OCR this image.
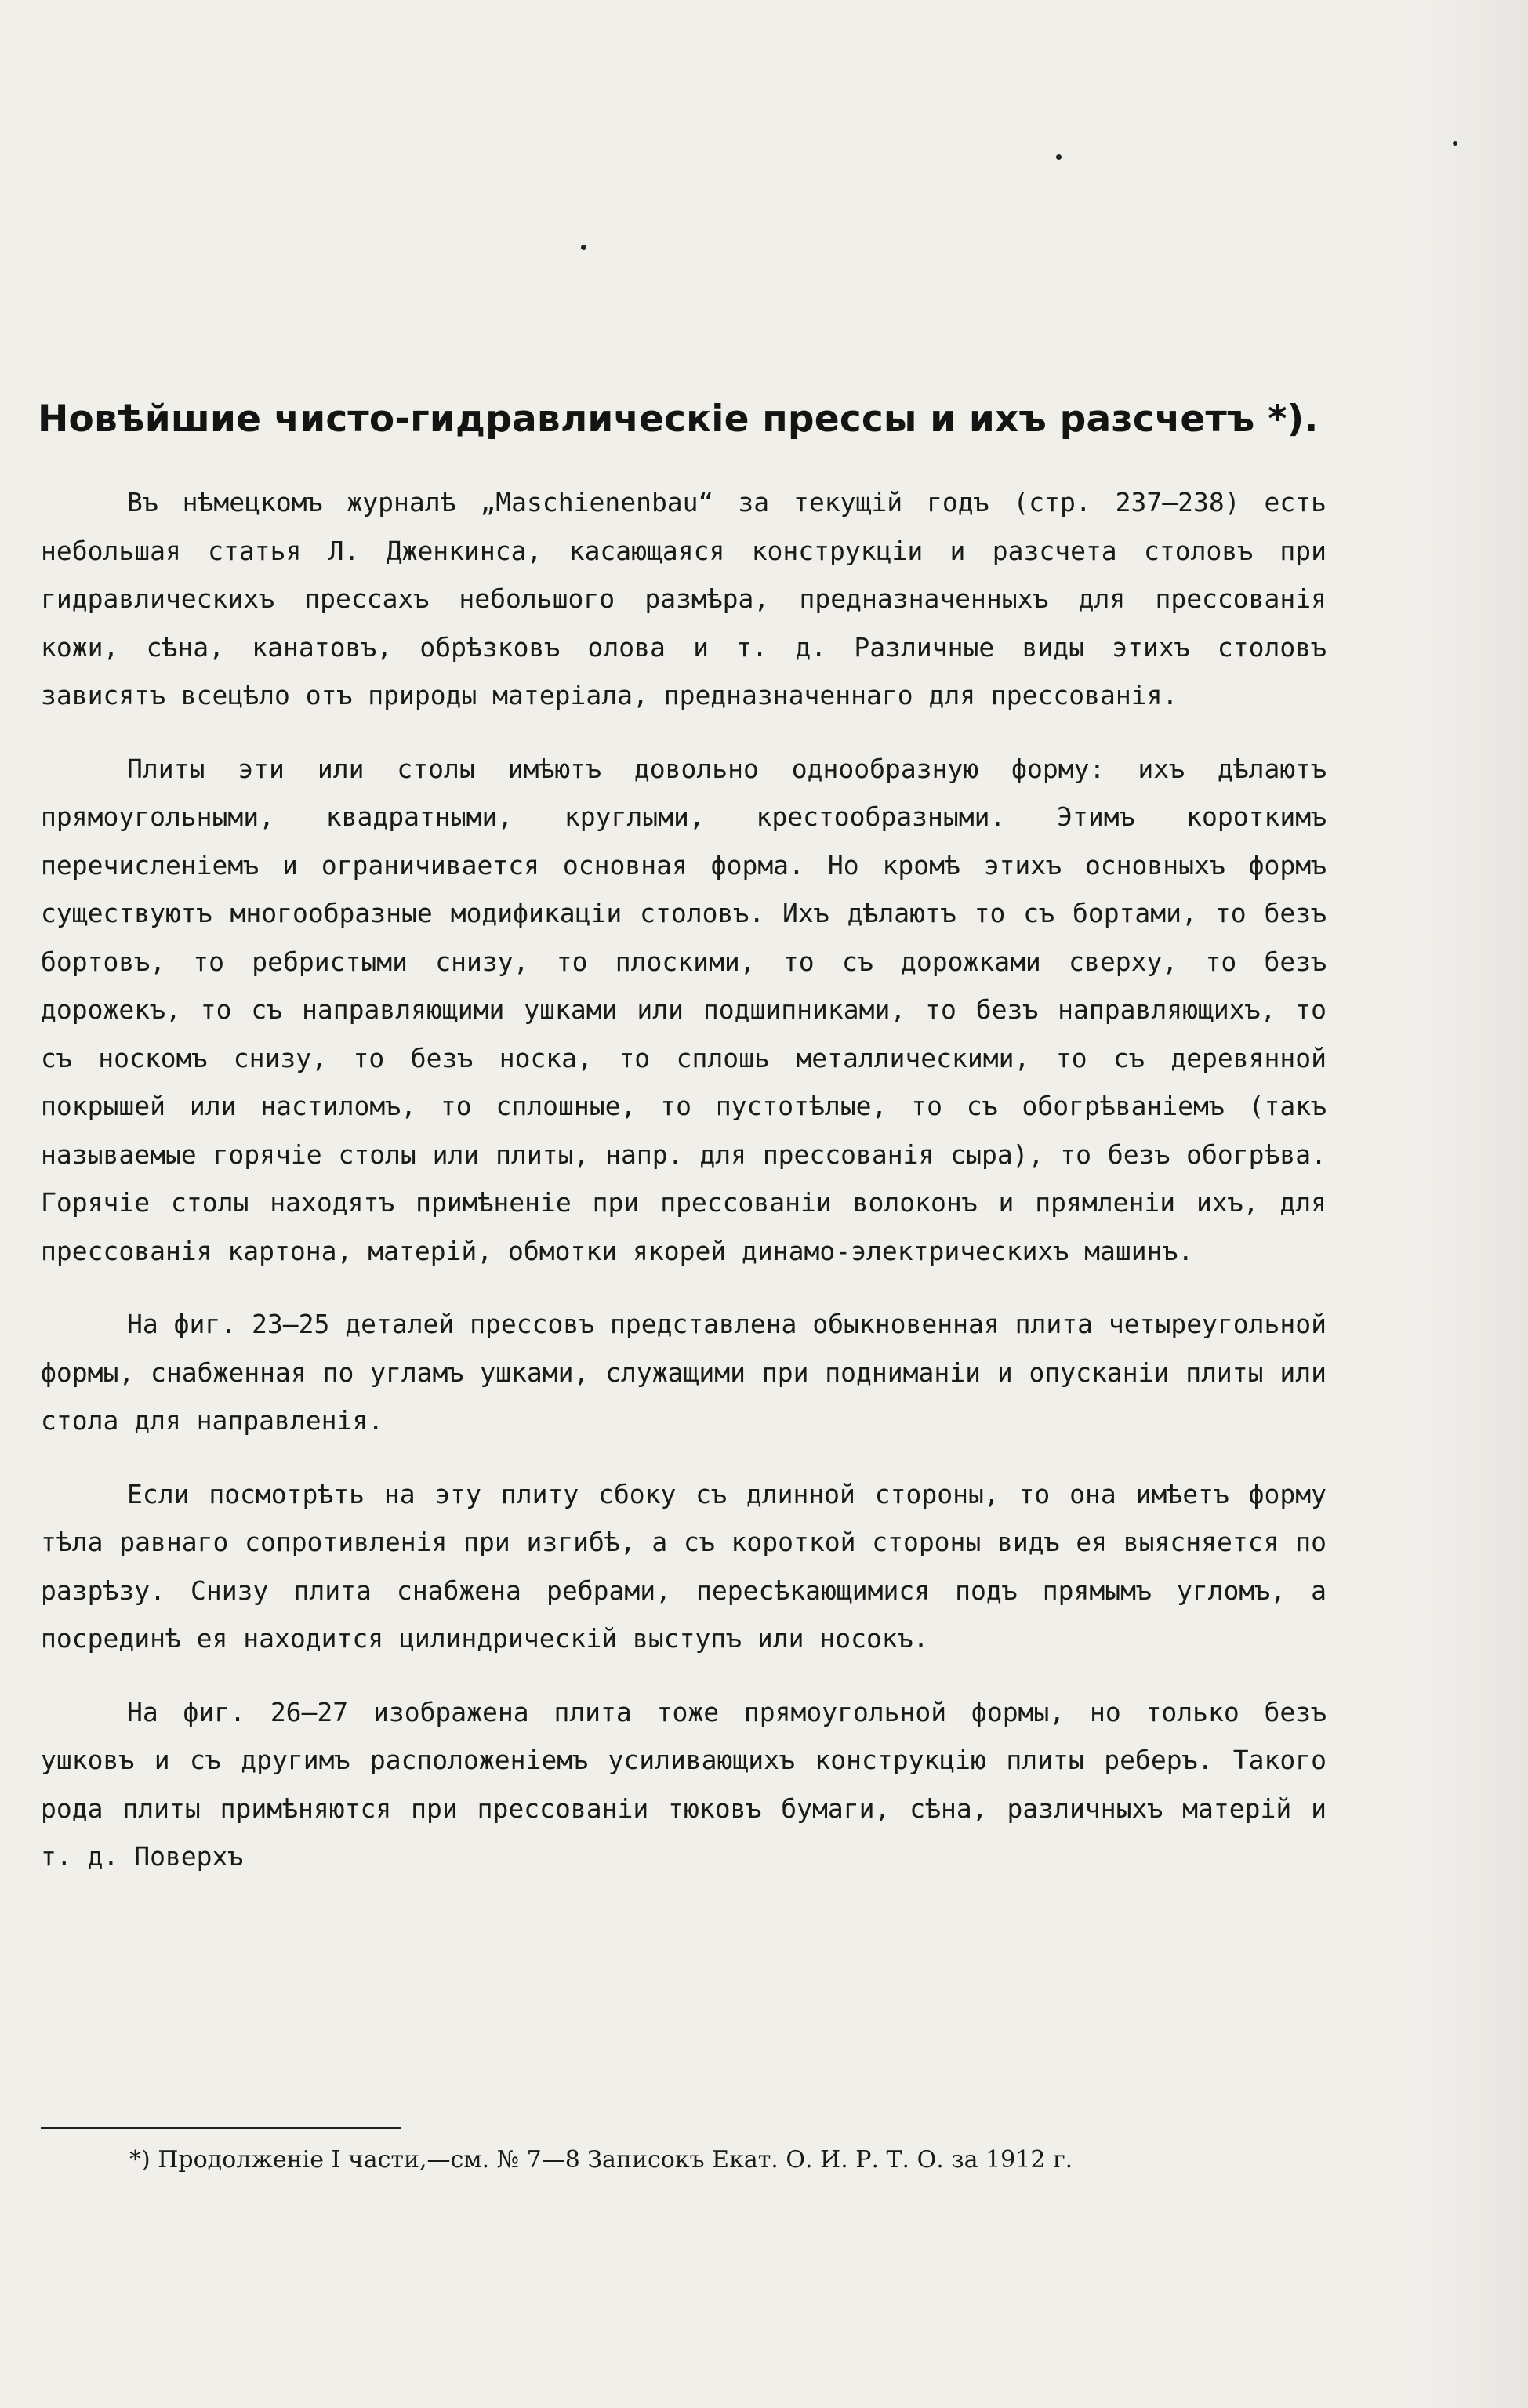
Новѣйшие чисто-гидравлическіе прессы и ихъ разсчетъ *).

Въ нѣмецкомъ журналѣ „Maschienenbau“ за текущій годъ (стр. 237—238) есть небольшая статья Л. Дженкинса, касающаяся конструкціи и разсчета столовъ при гидравлическихъ прессахъ небольшого размѣра, предназначенныхъ для прессованія кожи, сѣна, канатовъ, обрѣзковъ олова и т. д. Различные виды этихъ столовъ зависятъ всецѣло отъ природы матеріала, предназначеннаго для прессованія.

Плиты эти или столы имѣютъ довольно однообразную форму: ихъ дѣлаютъ прямоугольными, квадратными, круглыми, крестообразными. Этимъ короткимъ перечисленіемъ и ограничивается основная форма. Но кромѣ этихъ основныхъ формъ существуютъ многообразные модификаціи столовъ. Ихъ дѣлаютъ то съ бортами, то безъ бортовъ, то ребристыми снизу, то плоскими, то съ дорожками сверху, то безъ дорожекъ, то съ направляющими ушками или подшипниками, то безъ направляющихъ, то съ носкомъ снизу, то безъ носка, то сплошь металлическими, то съ деревянной покрышей или настиломъ, то сплошные, то пустотѣлые, то съ обогрѣваніемъ (такъ называемые горячіе столы или плиты, напр. для прессованія сыра), то безъ обогрѣва. Горячіе столы находятъ примѣненіе при прессованіи волоконъ и прямленіи ихъ, для прессованія картона, матерій, обмотки якорей динамо-электрическихъ машинъ.

На фиг. 23—25 деталей прессовъ представлена обыкновенная плита четыреугольной формы, снабженная по угламъ ушками, служащими при подниманіи и опусканіи плиты или стола для направленія.

Если посмотрѣть на эту плиту сбоку съ длинной стороны, то она имѣетъ форму тѣла равнаго сопротивленія при изгибѣ, а съ короткой стороны видъ ея выясняется по разрѣзу. Снизу плита снабжена ребрами, пересѣкающимися подъ прямымъ угломъ, а посрединѣ ея находится цилиндрическій выступъ или носокъ.

На фиг. 26—27 изображена плита тоже прямоугольной формы, но только безъ ушковъ и съ другимъ расположеніемъ усиливающихъ конструкцію плиты реберъ. Такого рода плиты примѣняются при прессованіи тюковъ бумаги, сѣна, различныхъ матерій и т. д. Поверхъ

*) Продолженіе I части,—см. № 7—8 Записокъ Екат. О. И. Р. Т. О. за 1912 г.
